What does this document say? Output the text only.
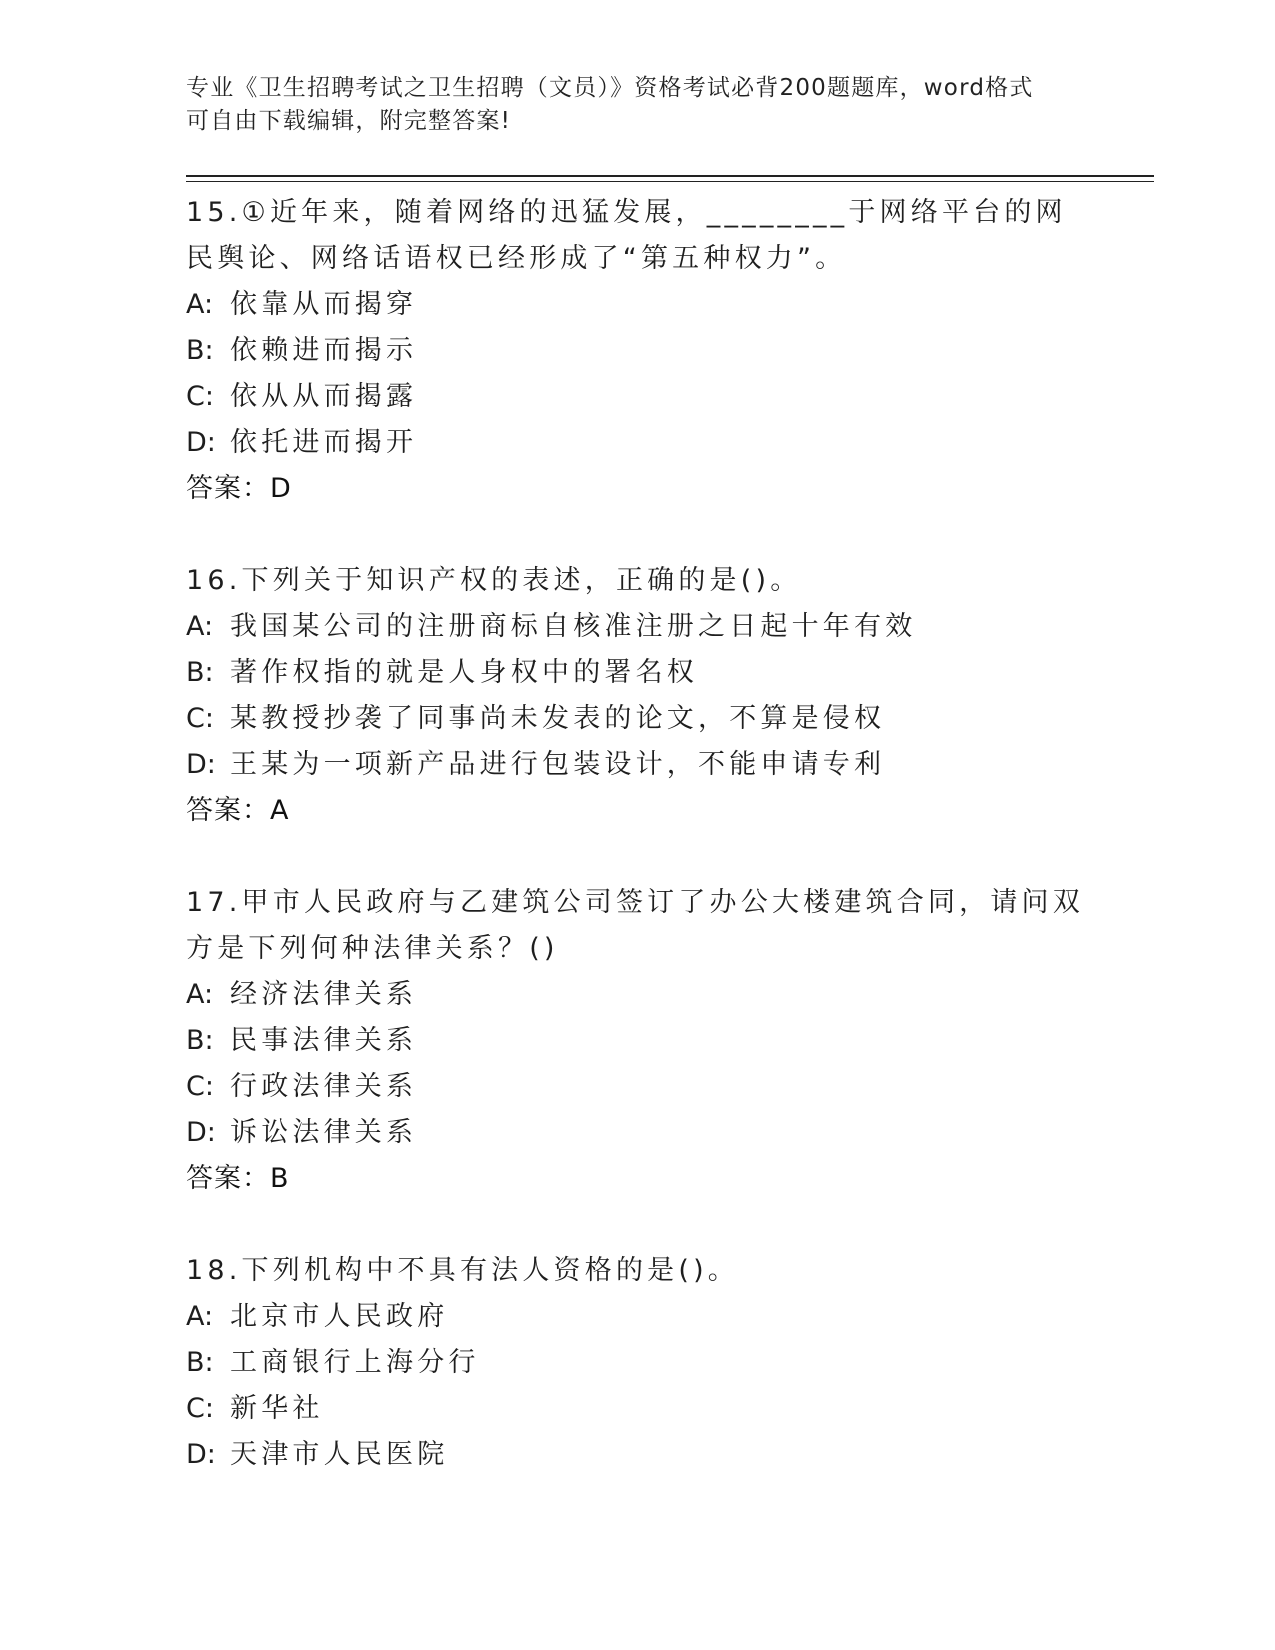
专业《卫生招聘考试之卫生招聘（文员）》资格考试必背200题题库，word格式
可自由下载编辑，附完整答案!
15.①近年来，随着网络的迅猛发展，________于网络平台的网民舆论、网络话语权已经形成了“第五种权力”。
A: 依靠从而揭穿
B: 依赖进而揭示
C: 依从从而揭露
D: 依托进而揭开
答案：D
16.下列关于知识产权的表述，正确的是()。
A: 我国某公司的注册商标自核准注册之日起十年有效
B: 著作权指的就是人身权中的署名权
C: 某教授抄袭了同事尚未发表的论文，不算是侵权
D: 王某为一项新产品进行包装设计，不能申请专利
答案：A
17.甲市人民政府与乙建筑公司签订了办公大楼建筑合同，请问双方是下列何种法律关系？()
A: 经济法律关系
B: 民事法律关系
C: 行政法律关系
D: 诉讼法律关系
答案：B
18.下列机构中不具有法人资格的是()。
A: 北京市人民政府
B: 工商银行上海分行
C: 新华社
D: 天津市人民医院
